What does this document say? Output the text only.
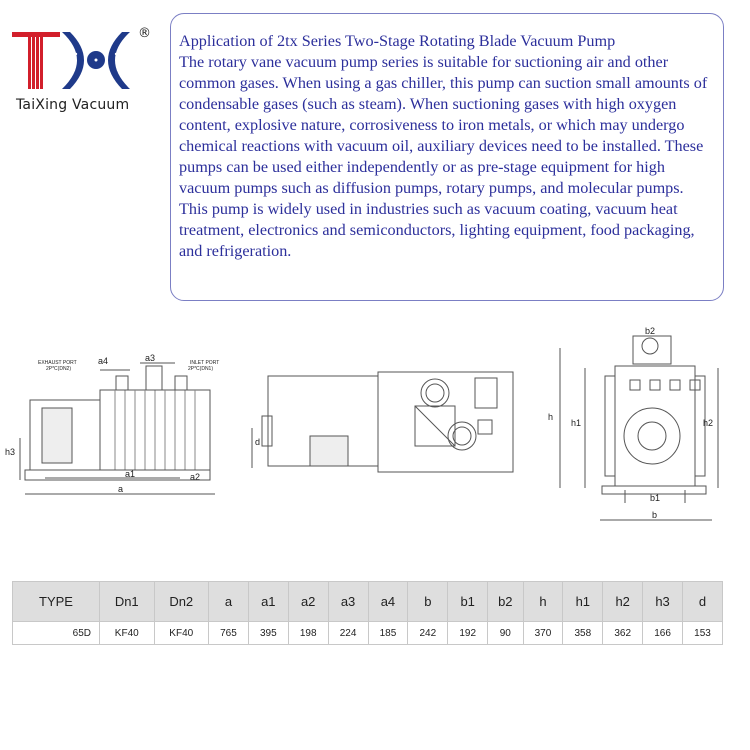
®
TaiXing Vacuum

Application of 2tx Series Two-Stage Rotating Blade Vacuum Pump

The rotary vane vacuum pump series is suitable for suctioning air and other common gases. When using a gas chiller, this pump can suction small amounts of condensable gases (such as steam). When suctioning gases with high oxygen content, explosive nature, corrosiveness to iron metals, or which may undergo chemical reactions with vacuum oil, auxiliary devices need to be installed. These pumps can be used either independently or as pre-stage equipment for high vacuum pumps such as diffusion pumps, rotary pumps, and molecular pumps. This pump is widely used in industries such as vacuum coating, vacuum heat treatment, electronics and semiconductors, lighting equipment, food packaging, and refrigeration.

EXHAUST PORT
2P*C(DN2)
INLET PORT
2P*C(DN1)
a4	a3
h3
a1	a2
a
d
b2
h
h1	h2
b1
b
TYPE	Dn1	Dn2	a	a1	a2	a3	a4	b	b1	b2	h	h1	h2	h3	d
65D	KF40	KF40	765	395	198	224	185	242	192	90	370	358	362	166	153
